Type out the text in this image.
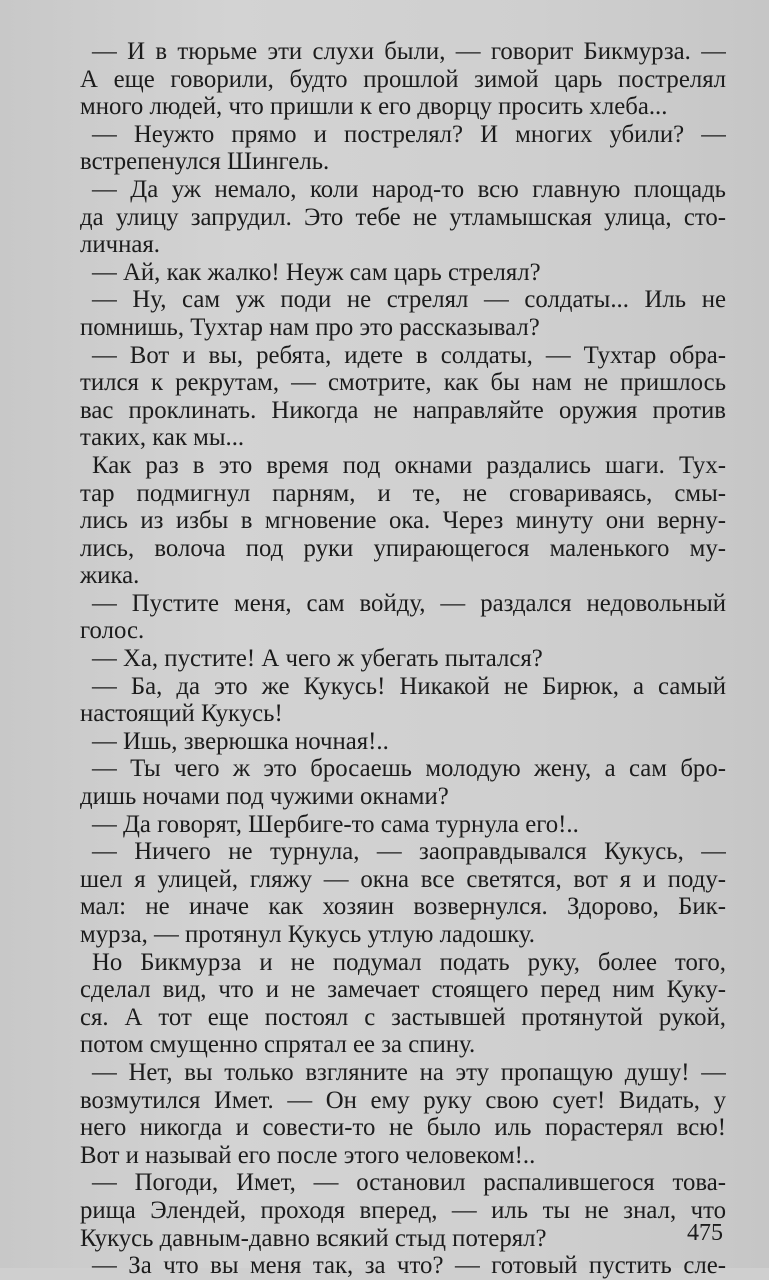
— И в тюрьме эти слухи были, — говорит Бикмурза. —
А еще говорили, будто прошлой зимой царь пострелял
много людей, что пришли к его дворцу просить хлеба...
— Неужто прямо и пострелял? И многих убили? —
встрепенулся Шингель.
— Да уж немало, коли народ-то всю главную площадь
да улицу запрудил. Это тебе не утламышская улица, сто-
личная.
— Ай, как жалко! Неуж сам царь стрелял?
— Ну, сам уж поди не стрелял — солдаты... Иль не
помнишь, Тухтар нам про это рассказывал?
— Вот и вы, ребята, идете в солдаты, — Тухтар обра-
тился к рекрутам, — смотрите, как бы нам не пришлось
вас проклинать. Никогда не направляйте оружия против
таких, как мы...
Как раз в это время под окнами раздались шаги. Тух-
тар подмигнул парням, и те, не сговариваясь, смы-
лись из избы в мгновение ока. Через минуту они верну-
лись, волоча под руки упирающегося маленького му-
жика.
— Пустите меня, сам войду, — раздался недовольный
голос.
— Ха, пустите! А чего ж убегать пытался?
— Ба, да это же Кукусь! Никакой не Бирюк, а самый
настоящий Кукусь!
— Ишь, зверюшка ночная!..
— Ты чего ж это бросаешь молодую жену, а сам бро-
дишь ночами под чужими окнами?
— Да говорят, Шербиге-то сама турнула его!..
— Ничего не турнула, — заоправдывался Кукусь, —
шел я улицей, гляжу — окна все светятся, вот я и поду-
мал: не иначе как хозяин возвернулся. Здорово, Бик-
мурза, — протянул Кукусь утлую ладошку.
Но Бикмурза и не подумал подать руку, более того,
сделал вид, что и не замечает стоящего перед ним Куку-
ся. А тот еще постоял с застывшей протянутой рукой,
потом смущенно спрятал ее за спину.
— Нет, вы только взгляните на эту пропащую душу! —
возмутился Имет. — Он ему руку свою сует! Видать, у
него никогда и совести-то не было иль порастерял всю!
Вот и называй его после этого человеком!..
— Погоди, Имет, — остановил распалившегося това-
рища Элендей, проходя вперед, — иль ты не знал, что
Кукусь давным-давно всякий стыд потерял?
— За что вы меня так, за что? — готовый пустить сле-
475
